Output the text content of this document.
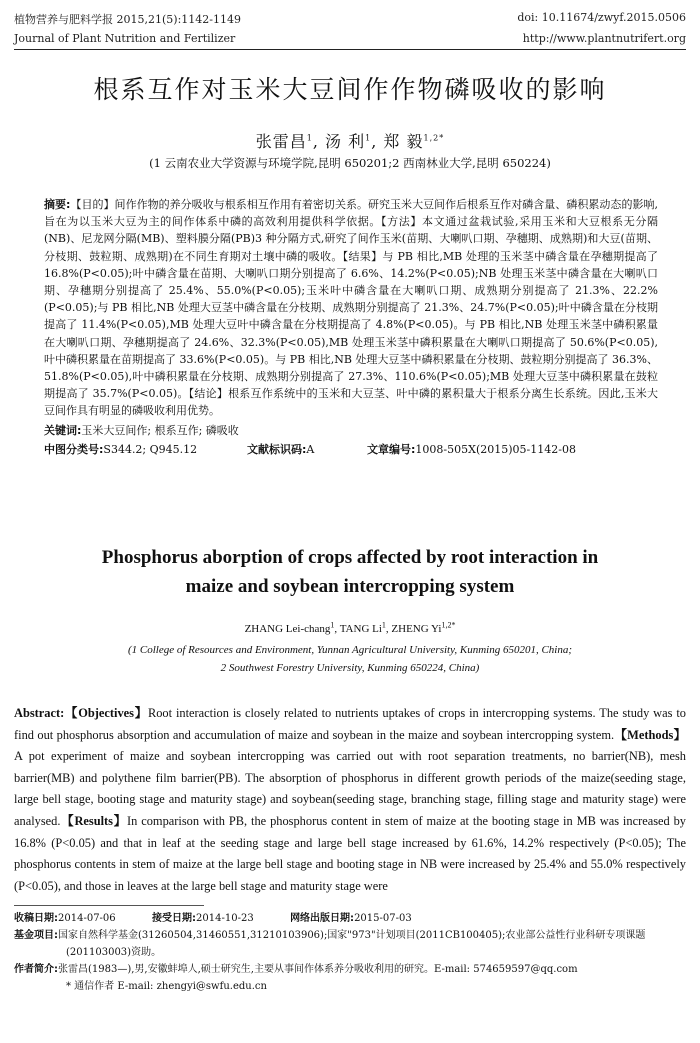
植物营养与肥料学报 2015,21(5):1142-1149	doi: 10.11674/zwyf.2015.0506
Journal of Plant Nutrition and Fertilizer	http://www.plantnutrifert.org
根系互作对玉米大豆间作作物磷吸收的影响
张雷昌$^1$, 汤 利$^1$, 郑 毅$^{1,2*}$
(1 云南农业大学资源与环境学院,昆明 650201;2 西南林业大学,昆明 650224)
摘要:【目的】间作作物的养分吸收与根系相互作用有着密切关系。研究玉米大豆间作后根系互作对磷含量、磷积累动态的影响,旨在为以玉米大豆为主的间作体系中磷的高效利用提供科学依据。【方法】本文通过盆栽试验,采用玉米和大豆根系无分隔(NB)、尼龙网分隔(MB)、塑料膜分隔(PB)3 种分隔方式,研究了间作玉米(苗期、大喇叭口期、孕穗期、成熟期)和大豆(苗期、分枝期、鼓粒期、成熟期)在不同生育期对土壤中磷的吸收。【结果】与 PB 相比,MB 处理的玉米茎中磷含量在孕穗期提高了 16.8%(P<0.05);叶中磷含量在苗期、大喇叭口期分别提高了 6.6%、14.2%(P<0.05);NB 处理玉米茎中磷含量在大喇叭口期、孕穗期分别提高了 25.4%、55.0%(P<0.05);玉米叶中磷含量在大喇叭口期、成熟期分别提高了 21.3%、22.2%(P<0.05);与 PB 相比,NB 处理大豆茎中磷含量在分枝期、成熟期分别提高了 21.3%、24.7%(P<0.05);叶中磷含量在分枝期提高了 11.4%(P<0.05),MB 处理大豆叶中磷含量在分枝期提高了 4.8%(P<0.05)。与 PB 相比,NB 处理玉米茎中磷积累量在大喇叭口期、孕穗期提高了 24.6%、32.3%(P<0.05),MB 处理玉米茎中磷积累量在大喇叭口期提高了 50.6%(P<0.05),叶中磷积累量在苗期提高了 33.6%(P<0.05)。与 PB 相比,NB 处理大豆茎中磷积累量在分枝期、鼓粒期分别提高了 36.3%、51.8%(P<0.05),叶中磷积累量在分枝期、成熟期分别提高了 27.3%、110.6%(P<0.05);MB 处理大豆茎中磷积累量在鼓粒期提高了 35.7%(P<0.05)。【结论】根系互作系统中的玉米和大豆茎、叶中磷的累积量大于根系分离生长系统。因此,玉米大豆间作具有明显的磷吸收利用优势。
关键词:玉米大豆间作; 根系互作; 磷吸收
中图分类号:S344.2; Q945.12	文献标识码:A	文章编号:1008-505X(2015)05-1142-08
Phosphorus aborption of crops affected by root interaction in
maize and soybean intercropping system
ZHANG Lei-chang$^1$, TANG Li$^1$, ZHENG $Yi^{1,2*}$
(1 College of Resources and Environment, Yunnan Agricultural University, Kunming 650201, China;
2 Southwest Forestry University, Kunming 650224, China)
Abstract:【Objectives】Root interaction is closely related to nutrients uptakes of crops in intercropping systems. The study was to find out phosphorus absorption and accumulation of maize and soybean in the maize and soybean intercropping system.【Methods】A pot experiment of maize and soybean intercropping was carried out with root separation treatments, no barrier(NB), mesh barrier(MB) and polythene film barrier(PB). The absorption of phosphorus in different growth periods of the maize(seeding stage, large bell stage, booting stage and maturity stage) and soybean(seeding stage, branching stage, filling stage and maturity stage) were analysed.【Results】In comparison with PB, the phosphorus content in stem of maize at the booting stage in MB was increased by 16.8% (P<0.05) and that in leaf at the seeding stage and large bell stage increased by 61.6%, 14.2% respectively (P<0.05); The phosphorus contents in stem of maize at the large bell stage and booting stage in NB were increased by 25.4% and 55.0% respectively (P<0.05), and those in leaves at the large bell stage and maturity stage were
收稿日期:2014-07-06	接受日期:2014-10-23	网络出版日期:2015-07-03
基金项目:国家自然科学基金(31260504,31460551,31210103906);国家"973"计划项目(2011CB100405);农业部公益性行业科研专项课题
(201103003)资助。
作者简介:张雷昌(1983—),男,安徽蚌埠人,硕士研究生,主要从事间作体系养分吸收利用的研究。E-mail: 574659597@qq.com
* 通信作者 E-mail: zhengyi@swfu.edu.cn
